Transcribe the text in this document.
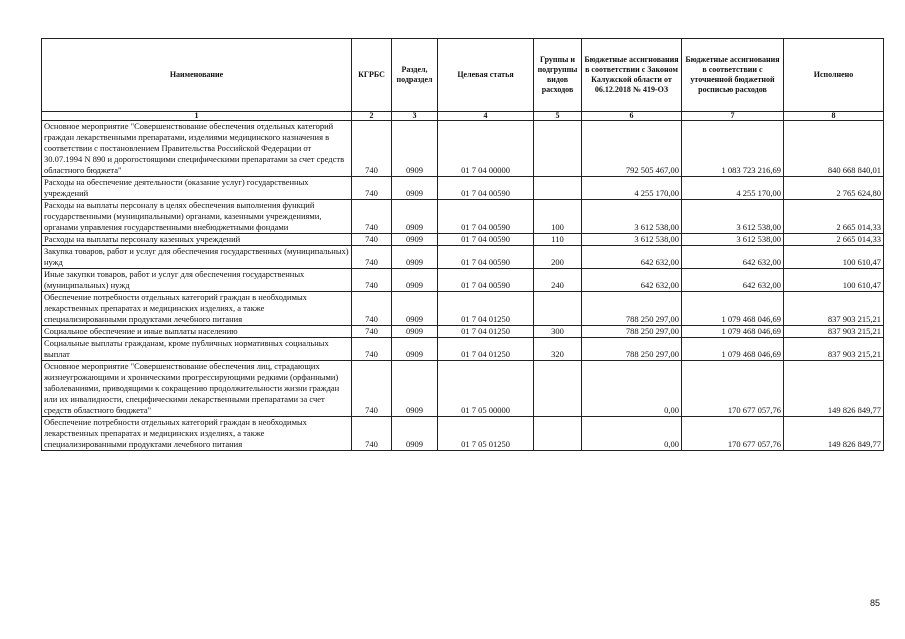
Наименование	КГРБС	Раздел, подраздел	Целевая статья	Группы и подгруппы видов расходов	Бюджетные ассигнования в соответствии с Законом Калужской области от 06.12.2018 № 419-ОЗ	Бюджетные ассигнования в соответствии с уточненной бюджетной росписью расходов	Исполнено
1	2	3	4	5	6	7	8
Основное мероприятие "Совершенствование обеспечения отдельных категорий граждан лекарственными препаратами, изделиями медицинского назначения в соответствии с постановлением Правительства Российской Федерации от 30.07.1994 N 890 и дорогостоящими специфическими препаратами за счет средств областного бюджета"	740	0909	01 7 04 00000		792 505 467,00	1 083 723 216,69	840 668 840,01
Расходы на обеспечение деятельности (оказание услуг) государственных учреждений	740	0909	01 7 04 00590		4 255 170,00	4 255 170,00	2 765 624,80
Расходы на выплаты персоналу в целях обеспечения выполнения функций государственными (муниципальными) органами, казенными учреждениями, органами управления государственными внебюджетными фондами	740	0909	01 7 04 00590	100	3 612 538,00	3 612 538,00	2 665 014,33
Расходы на выплаты персоналу казенных учреждений	740	0909	01 7 04 00590	110	3 612 538,00	3 612 538,00	2 665 014,33
Закупка товаров, работ и услуг для обеспечения государственных (муниципальных) нужд	740	0909	01 7 04 00590	200	642 632,00	642 632,00	100 610,47
Иные закупки товаров, работ и услуг для обеспечения государственных (муниципальных) нужд	740	0909	01 7 04 00590	240	642 632,00	642 632,00	100 610,47
Обеспечение потребности отдельных категорий граждан в необходимых лекарственных препаратах и медицинских изделиях, а также специализированными продуктами лечебного питания	740	0909	01 7 04 01250		788 250 297,00	1 079 468 046,69	837 903 215,21
Социальное обеспечение и иные выплаты населению	740	0909	01 7 04 01250	300	788 250 297,00	1 079 468 046,69	837 903 215,21
Социальные выплаты гражданам, кроме публичных нормативных социальных выплат	740	0909	01 7 04 01250	320	788 250 297,00	1 079 468 046,69	837 903 215,21
Основное мероприятие "Совершенствование обеспечения лиц, страдающих жизнеугрожающими и хроническими прогрессирующими редкими (орфанными) заболеваниями, приводящими к сокращению продолжительности жизни граждан или их инвалидности, специфическими лекарственными препаратами за счет средств областного бюджета"	740	0909	01 7 05 00000		0,00	170 677 057,76	149 826 849,77
Обеспечение потребности отдельных категорий граждан в необходимых лекарственных препаратах и медицинских изделиях, а также специализированными продуктами лечебного питания	740	0909	01 7 05 01250		0,00	170 677 057,76	149 826 849,77
85
